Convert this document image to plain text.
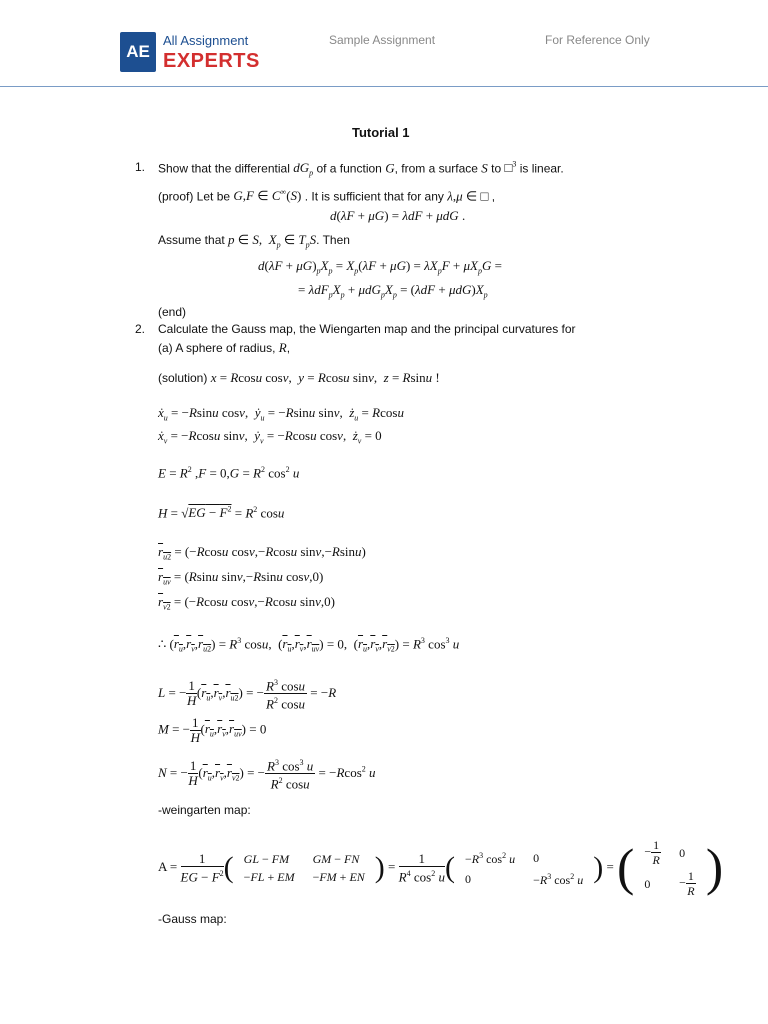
AE
All Assignment
EXPERTS
Sample Assignment	For Reference Only
Tutorial 1
1. Show that the differential $dG_p$ of a function G, from a surface S to □$^3$ is linear.
(proof) Let be G,F ∈ C∞(S) . It is sufficient that for any λ,μ ∈ □ ,
d(λF + μG) = λdF + μdG .
Assume that p ∈ S,  $X_p$ ∈ $T_pS$. Then
$d(\lambda F + \mu G)_pX_p = X_p(\lambda F + \mu G) = \lambda X_pF + \mu X_pG$ =
= $\lambda dF_pX_p + \mu dG_pX_p = (\lambda dF + \mu dG)X_p$
(end)
2. Calculate the Gauss map, the Wiengarten map and the principal curvatures for
(a) A sphere of radius, R,
(solution) x = Rcosu cosv,  y = Rcosu sinv,  z = Rsinu !
ẋ$_u$ = −Rsinu cosv,  ẏ$_u$ = −Rsinu sinv,  $ż_u = Rcosu$
ẋ$_v$ = −Rcosu sinv,  ẏ$_v$ = −Rcosu cosv,  $ż_v = 0$
$E = R^2$ $,F = 0,G = R^2$ $\cos^2 u$
$H = √EG - F^2 = R^2$ cosu
$r_{u2} = (-Rcosu$ cosv,−Rcosu sinv,−Rsinu)
$r_{uv} = (Rsinu$ sinv,−Rsinu cosv,0)
$r_{v2} = (-Rcosu$ cosv,−Rcosu sinv,0)
∴ $(r_u,r_v,r_{u2}) = R^3$ cosu,  $(r_u,r_v,r_{uv}) = 0$,  $(r_u,r_v,r_{v2}) = R^3$ $\cos^3 u$
L = − $\frac{1}{H} (r_u,r_v,r_{u2})$ = − $\frac{R^3 \cos u}{R^2 \cos u} = -R$
M = − $\frac{1}{H} (r_u,r_v,r_{uv}) = 0$
N = − $\frac{1}{H} (r_u,r_v,r_{v2})$ = − $\frac{R^3 \cos^3 u}{R^2 \cos u} = -Rcos^2$ u
-weingarten map:
$A = \frac{1}{EG - F^2}$ ( GL − FM	GM − FN
−FL + EM	−FM + EN ) = $\frac{1}{R^4 \cos^2 u}$ ( $-R^3$ $\cos^2 u$	0
0	$-R^3$ $\cos^2 u$ ) = ( − $\frac{1}{R}$	0
0	− $\frac{1}{R}$ )
-Gauss map:
